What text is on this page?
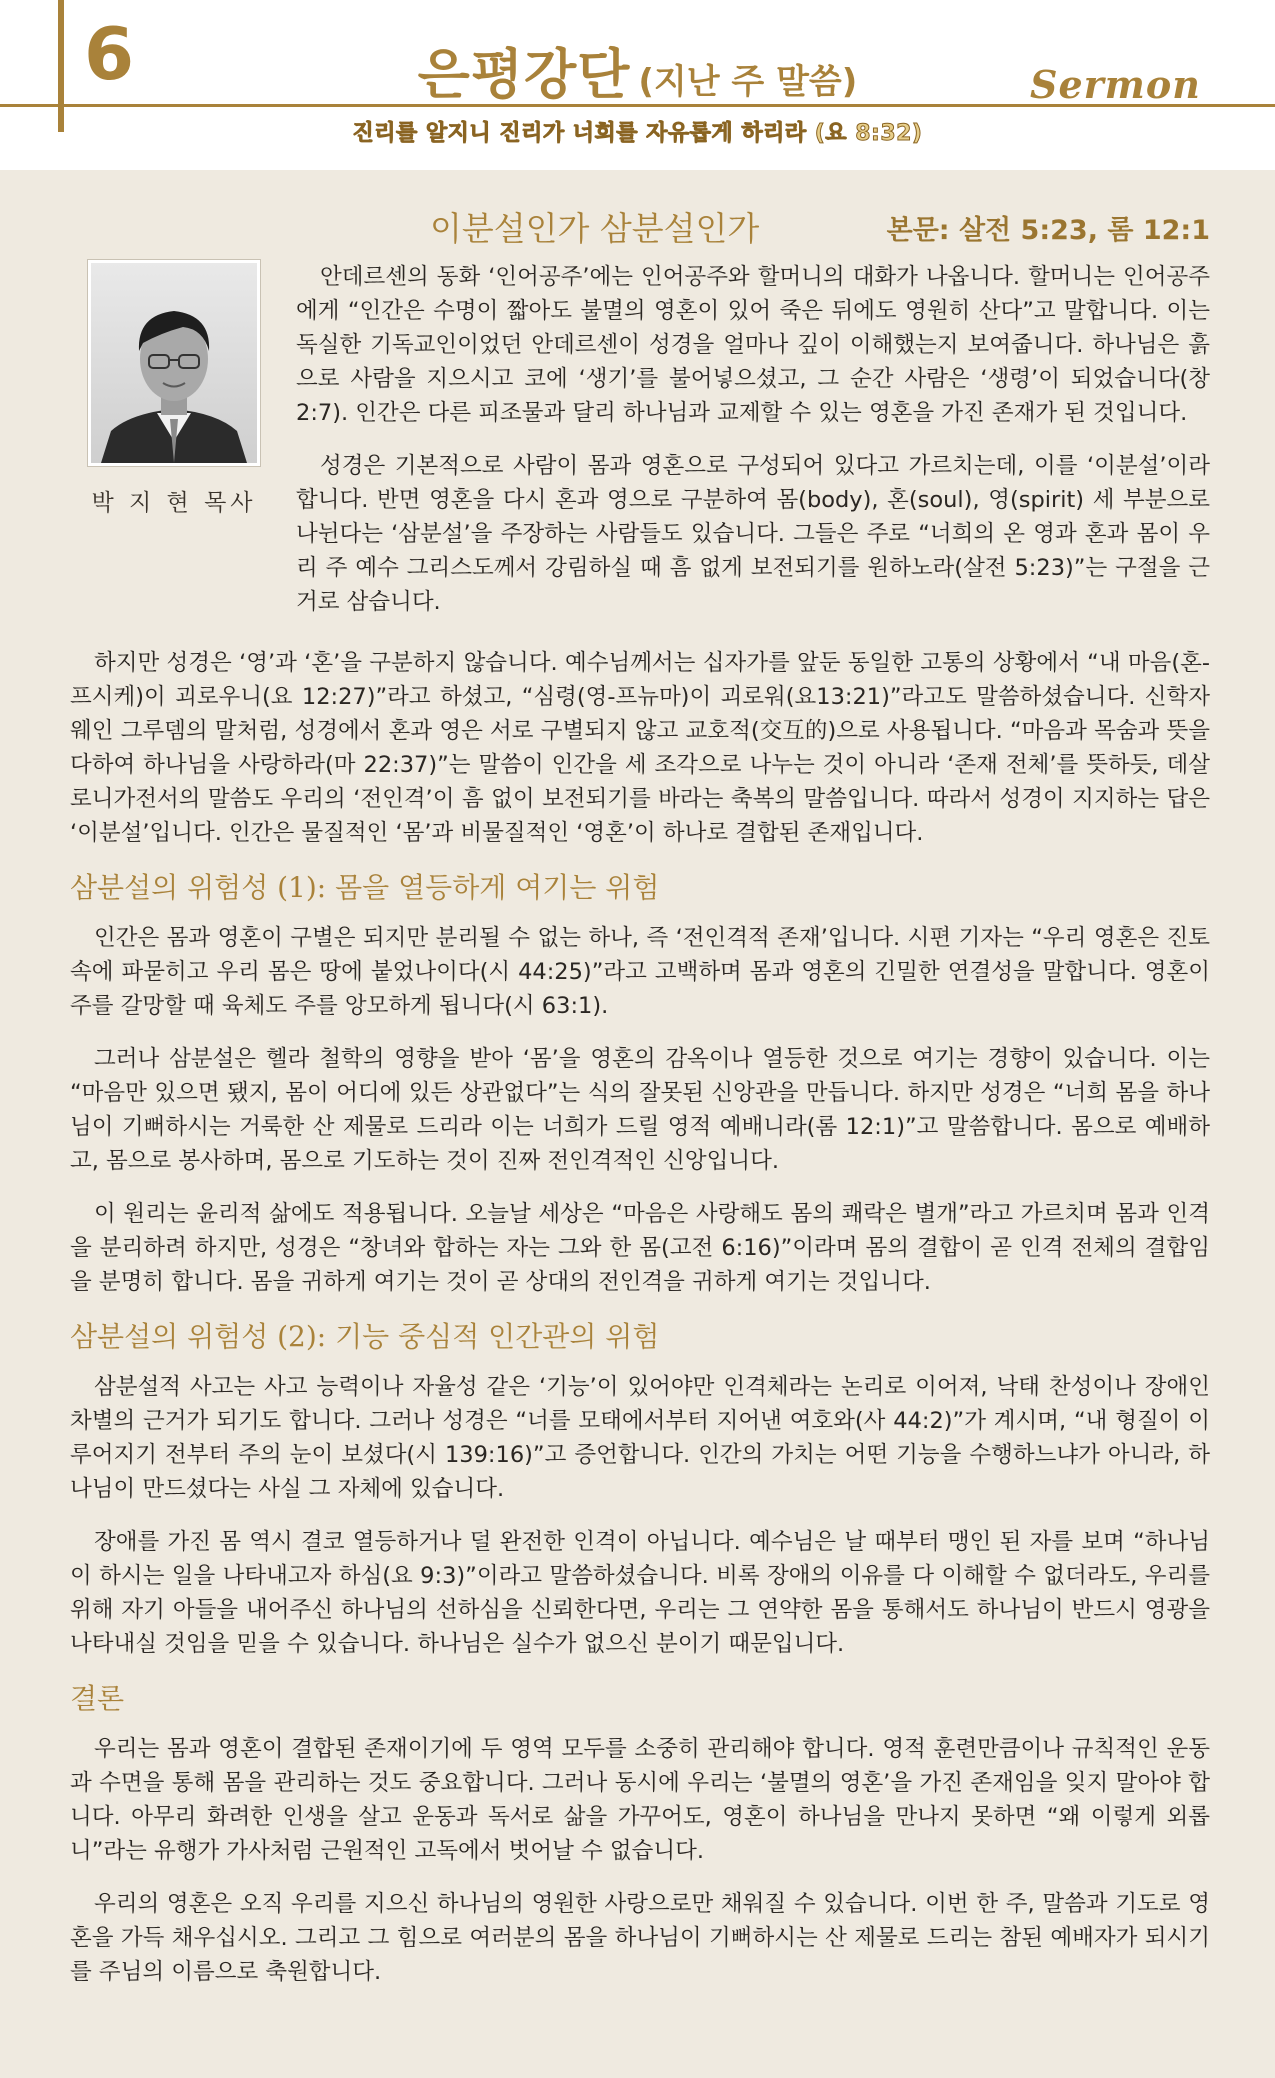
6	은평강단 (지난 주 말씀)	Sermon
진리를 알지니 진리가 너희를 자유롭게 하리라 (요 8:32)
이분설인가 삼분설인가	본문: 살전 5:23, 롬 12:1
박 지 현 목사

안데르센의 동화 ‘인어공주’에는 인어공주와 할머니의 대화가 나옵니다. 할머니는 인어공주에게 “인간은 수명이 짧아도 불멸의 영혼이 있어 죽은 뒤에도 영원히 산다”고 말합니다. 이는 독실한 기독교인이었던 안데르센이 성경을 얼마나 깊이 이해했는지 보여줍니다. 하나님은 흙으로 사람을 지으시고 코에 ‘생기’를 불어넣으셨고, 그 순간 사람은 ‘생령’이 되었습니다(창 2:7). 인간은 다른 피조물과 달리 하나님과 교제할 수 있는 영혼을 가진 존재가 된 것입니다.

성경은 기본적으로 사람이 몸과 영혼으로 구성되어 있다고 가르치는데, 이를 ‘이분설’이라 합니다. 반면 영혼을 다시 혼과 영으로 구분하여 몸(body), 혼(soul), 영(spirit) 세 부분으로 나뉜다는 ‘삼분설’을 주장하는 사람들도 있습니다. 그들은 주로 “너희의 온 영과 혼과 몸이 우리 주 예수 그리스도께서 강림하실 때 흠 없게 보전되기를 원하노라(살전 5:23)”는 구절을 근거로 삼습니다.

하지만 성경은 ‘영’과 ‘혼’을 구분하지 않습니다. 예수님께서는 십자가를 앞둔 동일한 고통의 상황에서 “내 마음(혼-프시케)이 괴로우니(요 12:27)”라고 하셨고, “심령(영-프뉴마)이 괴로워(요13:21)”라고도 말씀하셨습니다. 신학자 웨인 그루뎀의 말처럼, 성경에서 혼과 영은 서로 구별되지 않고 교호적(交互的)으로 사용됩니다. “마음과 목숨과 뜻을 다하여 하나님을 사랑하라(마 22:37)”는 말씀이 인간을 세 조각으로 나누는 것이 아니라 ‘존재 전체’를 뜻하듯, 데살로니가전서의 말씀도 우리의 ‘전인격’이 흠 없이 보전되기를 바라는 축복의 말씀입니다. 따라서 성경이 지지하는 답은 ‘이분설’입니다. 인간은 물질적인 ‘몸’과 비물질적인 ‘영혼’이 하나로 결합된 존재입니다.

삼분설의 위험성 (1): 몸을 열등하게 여기는 위험

인간은 몸과 영혼이 구별은 되지만 분리될 수 없는 하나, 즉 ‘전인격적 존재’입니다. 시편 기자는 “우리 영혼은 진토 속에 파묻히고 우리 몸은 땅에 붙었나이다(시 44:25)”라고 고백하며 몸과 영혼의 긴밀한 연결성을 말합니다. 영혼이 주를 갈망할 때 육체도 주를 앙모하게 됩니다(시 63:1).

그러나 삼분설은 헬라 철학의 영향을 받아 ‘몸’을 영혼의 감옥이나 열등한 것으로 여기는 경향이 있습니다. 이는 “마음만 있으면 됐지, 몸이 어디에 있든 상관없다”는 식의 잘못된 신앙관을 만듭니다. 하지만 성경은 “너희 몸을 하나님이 기뻐하시는 거룩한 산 제물로 드리라 이는 너희가 드릴 영적 예배니라(롬 12:1)”고 말씀합니다. 몸으로 예배하고, 몸으로 봉사하며, 몸으로 기도하는 것이 진짜 전인격적인 신앙입니다.

이 원리는 윤리적 삶에도 적용됩니다. 오늘날 세상은 “마음은 사랑해도 몸의 쾌락은 별개”라고 가르치며 몸과 인격을 분리하려 하지만, 성경은 “창녀와 합하는 자는 그와 한 몸(고전 6:16)”이라며 몸의 결합이 곧 인격 전체의 결합임을 분명히 합니다. 몸을 귀하게 여기는 것이 곧 상대의 전인격을 귀하게 여기는 것입니다.

삼분설의 위험성 (2): 기능 중심적 인간관의 위험

삼분설적 사고는 사고 능력이나 자율성 같은 ‘기능’이 있어야만 인격체라는 논리로 이어져, 낙태 찬성이나 장애인 차별의 근거가 되기도 합니다. 그러나 성경은 “너를 모태에서부터 지어낸 여호와(사 44:2)”가 계시며, “내 형질이 이루어지기 전부터 주의 눈이 보셨다(시 139:16)”고 증언합니다. 인간의 가치는 어떤 기능을 수행하느냐가 아니라, 하나님이 만드셨다는 사실 그 자체에 있습니다.

장애를 가진 몸 역시 결코 열등하거나 덜 완전한 인격이 아닙니다. 예수님은 날 때부터 맹인 된 자를 보며 “하나님이 하시는 일을 나타내고자 하심(요 9:3)”이라고 말씀하셨습니다. 비록 장애의 이유를 다 이해할 수 없더라도, 우리를 위해 자기 아들을 내어주신 하나님의 선하심을 신뢰한다면, 우리는 그 연약한 몸을 통해서도 하나님이 반드시 영광을 나타내실 것임을 믿을 수 있습니다. 하나님은 실수가 없으신 분이기 때문입니다.

결론

우리는 몸과 영혼이 결합된 존재이기에 두 영역 모두를 소중히 관리해야 합니다. 영적 훈련만큼이나 규칙적인 운동과 수면을 통해 몸을 관리하는 것도 중요합니다. 그러나 동시에 우리는 ‘불멸의 영혼’을 가진 존재임을 잊지 말아야 합니다. 아무리 화려한 인생을 살고 운동과 독서로 삶을 가꾸어도, 영혼이 하나님을 만나지 못하면 “왜 이렇게 외롭니”라는 유행가 가사처럼 근원적인 고독에서 벗어날 수 없습니다.

우리의 영혼은 오직 우리를 지으신 하나님의 영원한 사랑으로만 채워질 수 있습니다. 이번 한 주, 말씀과 기도로 영혼을 가득 채우십시오. 그리고 그 힘으로 여러분의 몸을 하나님이 기뻐하시는 산 제물로 드리는 참된 예배자가 되시기를 주님의 이름으로 축원합니다.
